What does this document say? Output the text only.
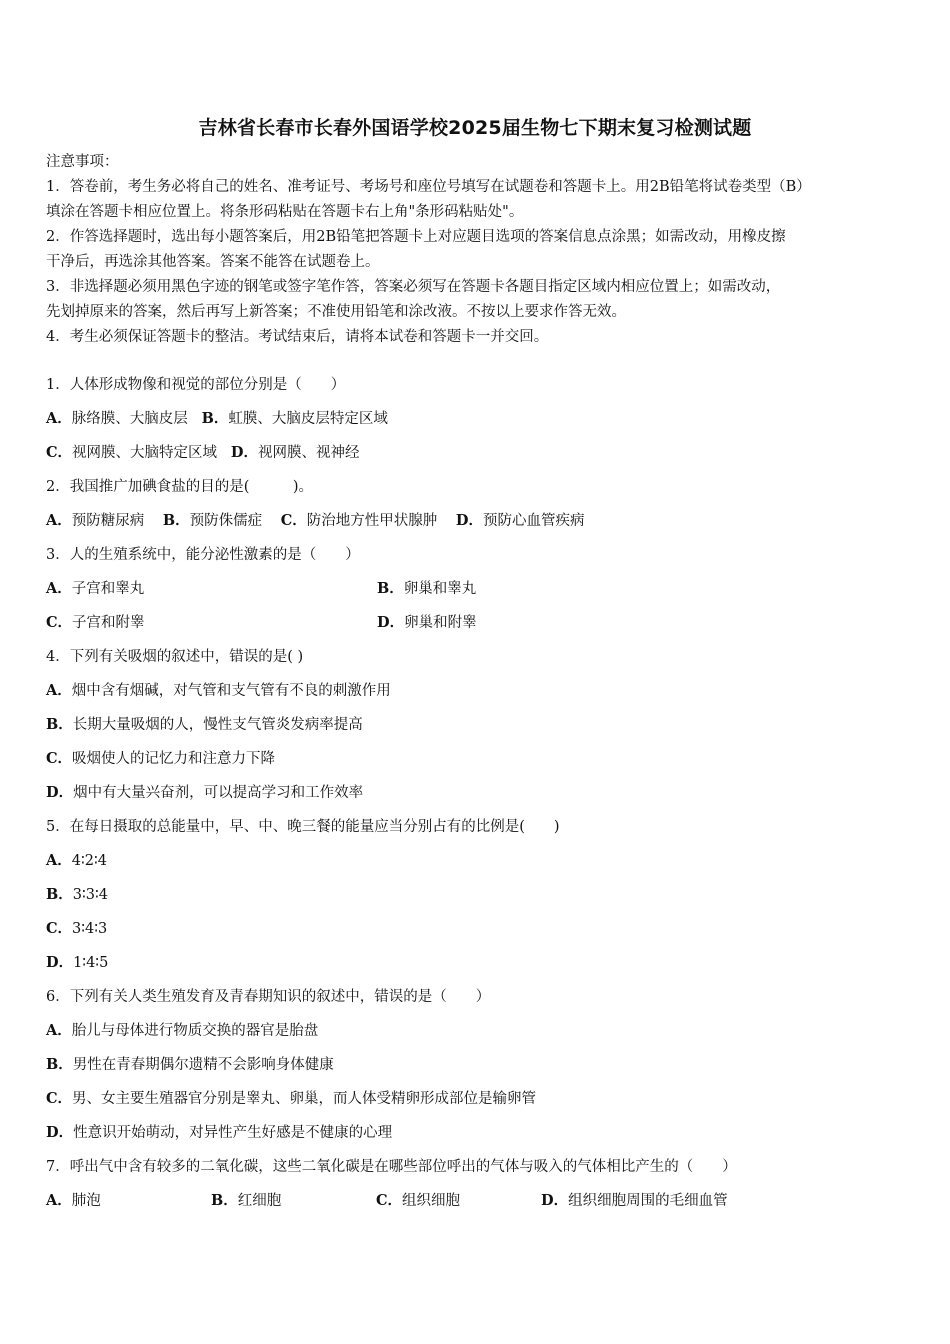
吉林省长春市长春外国语学校2025届生物七下期末复习检测试题

注意事项：

1．答卷前，考生务必将自己的姓名、准考证号、考场号和座位号填写在试题卷和答题卡上。用2B铅笔将试卷类型（B）

填涂在答题卡相应位置上。将条形码粘贴在答题卡右上角"条形码粘贴处"。

2．作答选择题时，选出每小题答案后，用2B铅笔把答题卡上对应题目选项的答案信息点涂黑；如需改动，用橡皮擦

干净后，再选涂其他答案。答案不能答在试题卷上。

3．非选择题必须用黑色字迹的钢笔或签字笔作答，答案必须写在答题卡各题目指定区域内相应位置上；如需改动，

先划掉原来的答案，然后再写上新答案；不准使用铅笔和涂改液。不按以上要求作答无效。

4．考生必须保证答题卡的整洁。考试结束后，请将本试卷和答题卡一并交回。

1．人体形成物像和视觉的部位分别是（　　）
A．脉络膜、大脑皮层 B．虹膜、大脑皮层特定区域
C．视网膜、大脑特定区域 D．视网膜、视神经
2．我国推广加碘食盐的目的是(　　　)。
A．预防糖尿病 B．预防侏儒症 C．防治地方性甲状腺肿 D．预防心血管疾病
3．人的生殖系统中，能分泌性激素的是（　　）
A．子宫和睾丸	B．卵巢和睾丸
C．子宫和附睾	D．卵巢和附睾
4．下列有关吸烟的叙述中，错误的是( )
A．烟中含有烟碱，对气管和支气管有不良的刺激作用
B．长期大量吸烟的人，慢性支气管炎发病率提高
C．吸烟使人的记忆力和注意力下降
D．烟中有大量兴奋剂，可以提高学习和工作效率
5．在每日摄取的总能量中，早、中、晚三餐的能量应当分别占有的比例是(　　)
A．4∶2∶4
B．3∶3∶4
C．3∶4∶3
D．1∶4∶5
6．下列有关人类生殖发育及青春期知识的叙述中，错误的是（　　）
A．胎儿与母体进行物质交换的器官是胎盘
B．男性在青春期偶尔遗精不会影响身体健康
C．男、女主要生殖器官分别是睾丸、卵巢，而人体受精卵形成部位是输卵管
D．性意识开始萌动，对异性产生好感是不健康的心理
7．呼出气中含有较多的二氧化碳，这些二氧化碳是在哪些部位呼出的气体与吸入的气体相比产生的（　　）
A．肺泡	B．红细胞	C．组织细胞	D．组织细胞周围的毛细血管
